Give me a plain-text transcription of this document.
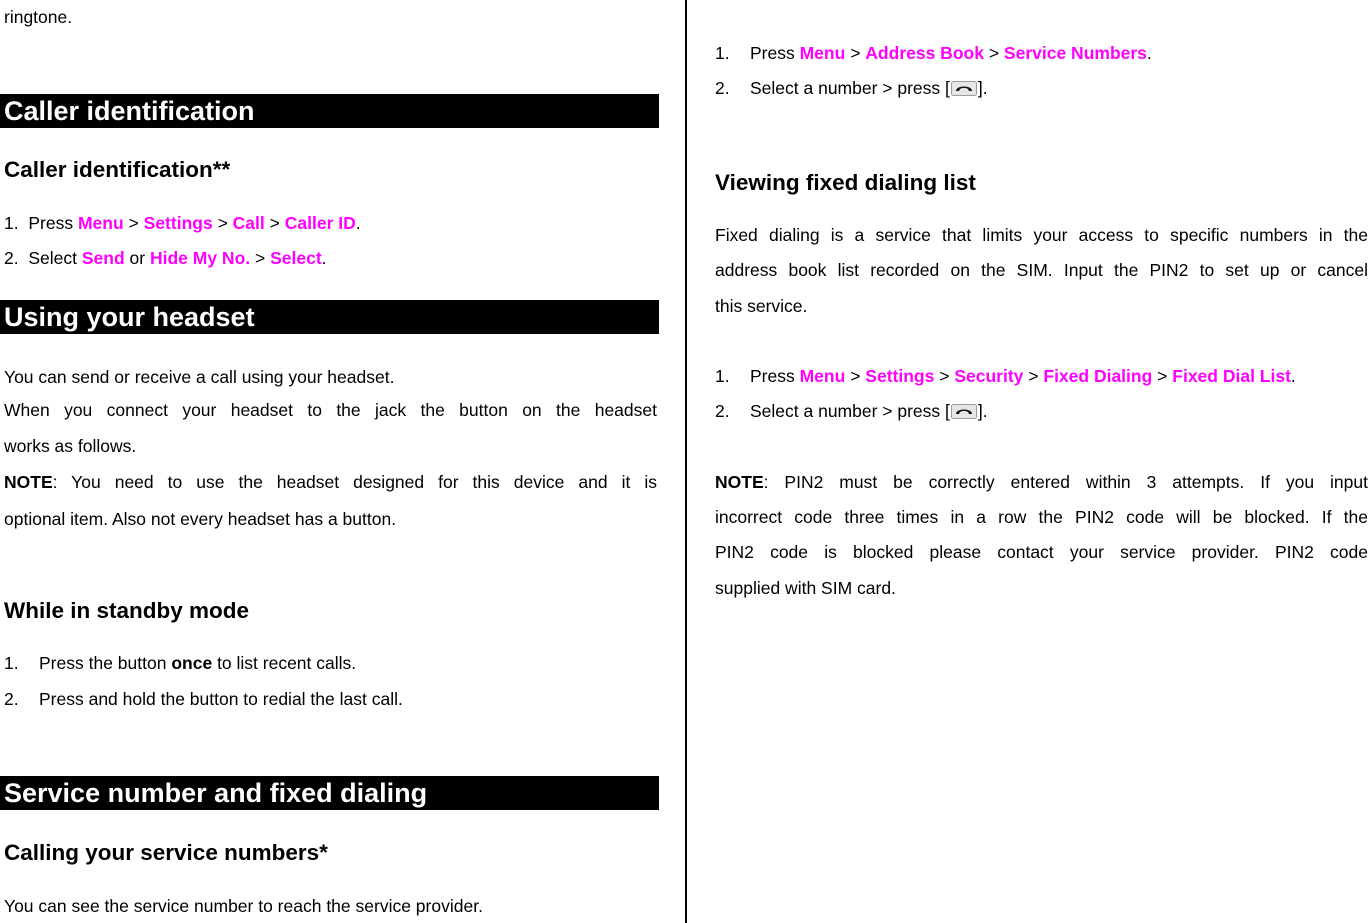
ringtone.
Caller identification
Caller identification**
1. Press Menu > Settings > Call > Caller ID.
2. Select Send or Hide My No. > Select.
Using your headset
You can send or receive a call using your headset.
When you connect your headset to the jack the button on the headset
works as follows.
NOTE: You need to use the headset designed for this device and it is
optional item. Also not every headset has a button.
While in standby mode
1. Press the button once to list recent calls.
2. Press and hold the button to redial the last call.
Service number and fixed dialing
Calling your service numbers*
You can see the service number to reach the service provider.
1. Press Menu > Address Book > Service Numbers.
2. Select a number > press [ ].
Viewing fixed dialing list
Fixed dialing is a service that limits your access to specific numbers in the
address book list recorded on the SIM. Input the PIN2 to set up or cancel
this service.
1. Press Menu > Settings > Security > Fixed Dialing > Fixed Dial List.
2. Select a number > press [ ].
NOTE: PIN2 must be correctly entered within 3 attempts. If you input
incorrect code three times in a row the PIN2 code will be blocked. If the
PIN2 code is blocked please contact your service provider. PIN2 code
supplied with SIM card.
